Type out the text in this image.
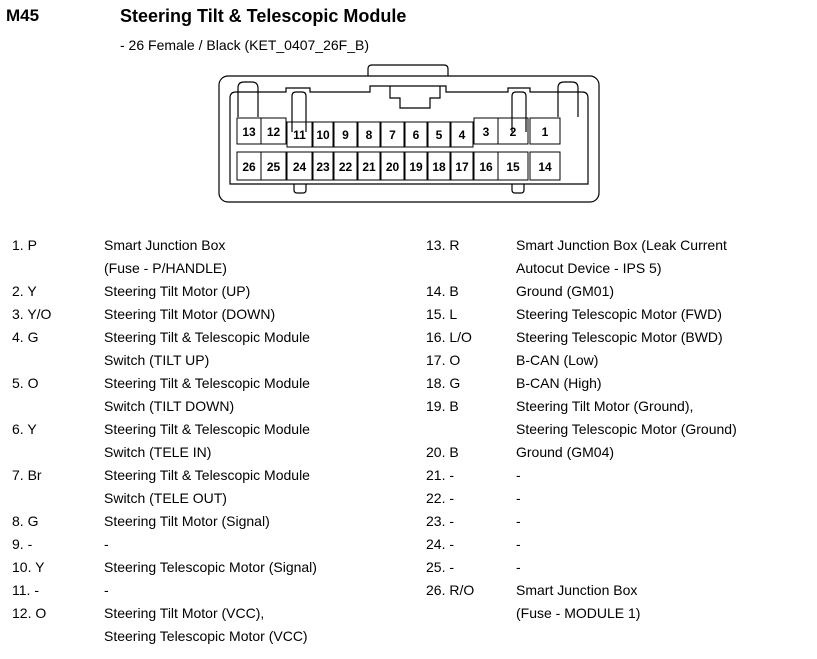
M45	Steering Tilt & Telescopic Module
- 26 Female / Black (KET_0407_26F_B)
13 12 11 10 9 8 7 6 5 4 3 2 1
26 25 24 23 22 21 20 19 18 17 16 15 14
1. P	Smart Junction Box
(Fuse - P/HANDLE)
2. Y	Steering Tilt Motor (UP)
3. Y/O	Steering Tilt Motor (DOWN)
4. G	Steering Tilt & Telescopic Module
Switch (TILT UP)
5. O	Steering Tilt & Telescopic Module
Switch (TILT DOWN)
6. Y	Steering Tilt & Telescopic Module
Switch (TELE IN)
7. Br	Steering Tilt & Telescopic Module
Switch (TELE OUT)
8. G	Steering Tilt Motor (Signal)
9. -	-
10. Y	Steering Telescopic Motor (Signal)
11. -	-
12. O	Steering Tilt Motor (VCC),
Steering Telescopic Motor (VCC)
13. R	Smart Junction Box (Leak Current
Autocut Device - IPS 5)
14. B	Ground (GM01)
15. L	Steering Telescopic Motor (FWD)
16. L/O	Steering Telescopic Motor (BWD)
17. O	B-CAN (Low)
18. G	B-CAN (High)
19. B	Steering Tilt Motor (Ground),
Steering Telescopic Motor (Ground)
20. B	Ground (GM04)
21. -	-
22. -	-
23. -	-
24. -	-
25. -	-
26. R/O	Smart Junction Box
(Fuse - MODULE 1)
